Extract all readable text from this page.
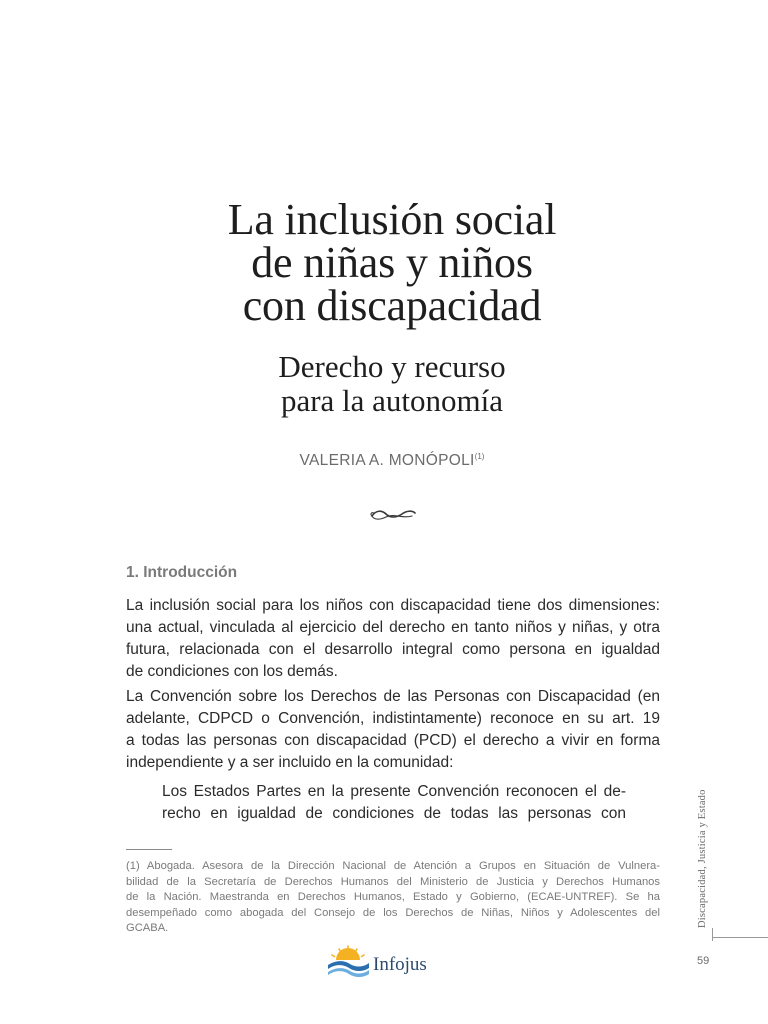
La inclusión social
de niñas y niños
con discapacidad
Derecho y recurso
para la autonomía
VALERIA A. MONÓPOLI$^{(1)}$
1. Introducción
La inclusión social para los niños con discapacidad tiene dos dimensiones:
una actual, vinculada al ejercicio del derecho en tanto niños y niñas, y otra
futura, relacionada con el desarrollo integral como persona en igualdad
de condiciones con los demás.
La Convención sobre los Derechos de las Personas con Discapacidad (en
adelante, CDPCD o Convención, indistintamente) reconoce en su art. 19
a todas las personas con discapacidad (PCD) el derecho a vivir en forma
independiente y a ser incluido en la comunidad:
Los Estados Partes en la presente Convención reconocen el de-
recho en igualdad de condiciones de todas las personas con
(1) Abogada. Asesora de la Dirección Nacional de Atención a Grupos en Situación de Vulnera-
bilidad de la Secretaría de Derechos Humanos del Ministerio de Justicia y Derechos Humanos
de la Nación. Maestranda en Derechos Humanos, Estado y Gobierno, (ECAE-UNTREF). Se ha
desempeñado como abogada del Consejo de los Derechos de Niñas, Niños y Adolescentes del
GCABA.
Infojus
Discapacidad, Justicia y Estado
59
